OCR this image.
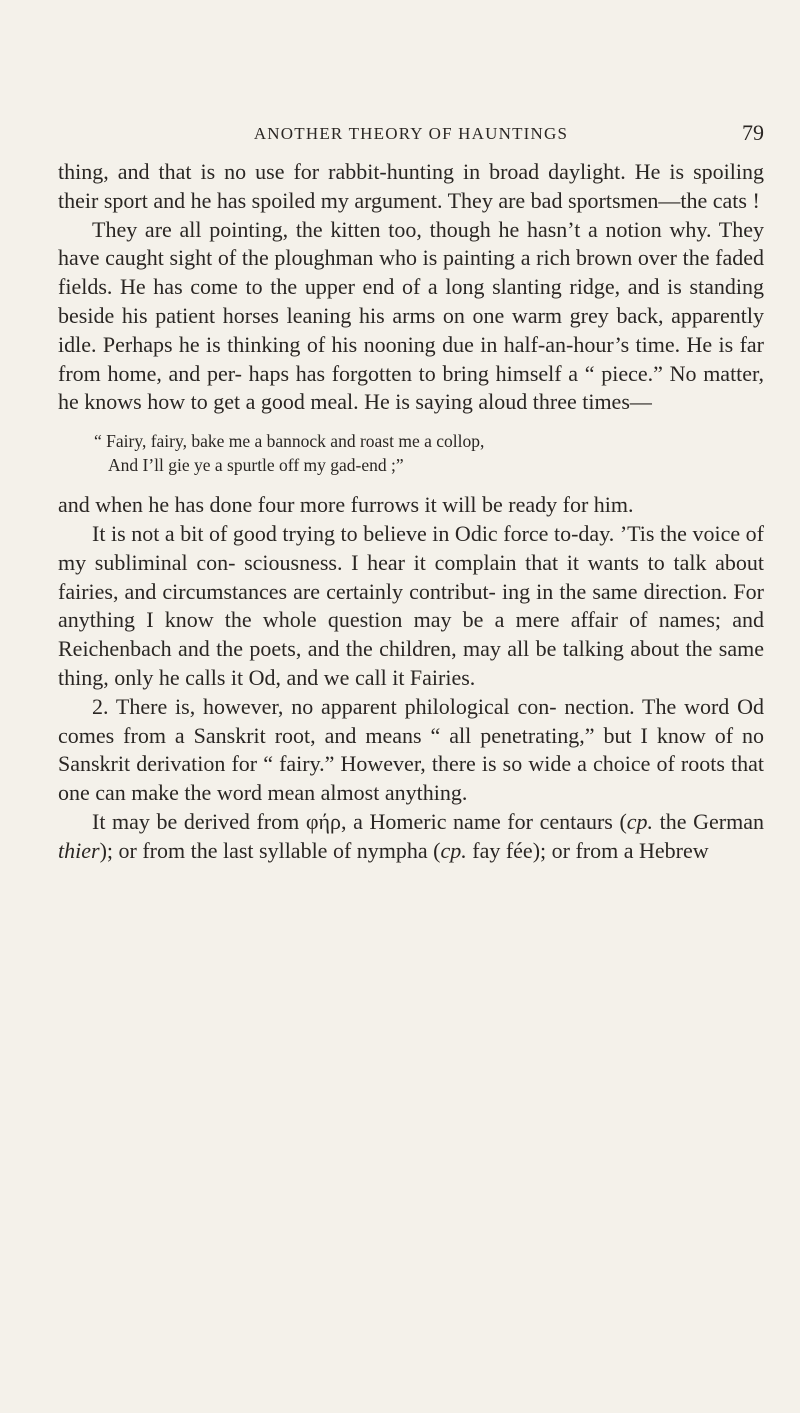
ANOTHER THEORY OF HAUNTINGS	79

thing, and that is no use for rabbit-hunting in broad daylight. He is spoiling their sport and he has spoiled my argument. They are bad sportsmen—the cats !

They are all pointing, the kitten too, though he hasn’t a notion why. They have caught sight of the ploughman who is painting a rich brown over the faded fields. He has come to the upper end of a long slanting ridge, and is standing beside his patient horses leaning his arms on one warm grey back, apparently idle. Perhaps he is thinking of his nooning due in half-an-hour’s time. He is far from home, and per- haps has forgotten to bring himself a “ piece.” No matter, he knows how to get a good meal. He is saying aloud three times—

“ Fairy, fairy, bake me a bannock and roast me a collop,
And I’ll gie ye a spurtle off my gad-end ;”

and when he has done four more furrows it will be ready for him.

It is not a bit of good trying to believe in Odic force to-day. ’Tis the voice of my subliminal con- sciousness. I hear it complain that it wants to talk about fairies, and circumstances are certainly contribut- ing in the same direction. For anything I know the whole question may be a mere affair of names; and Reichenbach and the poets, and the children, may all be talking about the same thing, only he calls it Od, and we call it Fairies.

2. There is, however, no apparent philological con- nection. The word Od comes from a Sanskrit root, and means “ all penetrating,” but I know of no Sanskrit derivation for “ fairy.” However, there is so wide a choice of roots that one can make the word mean almost anything.

It may be derived from φήρ, a Homeric name for centaurs (cp. the German thier); or from the last syllable of nympha (cp. fay fée); or from a Hebrew
